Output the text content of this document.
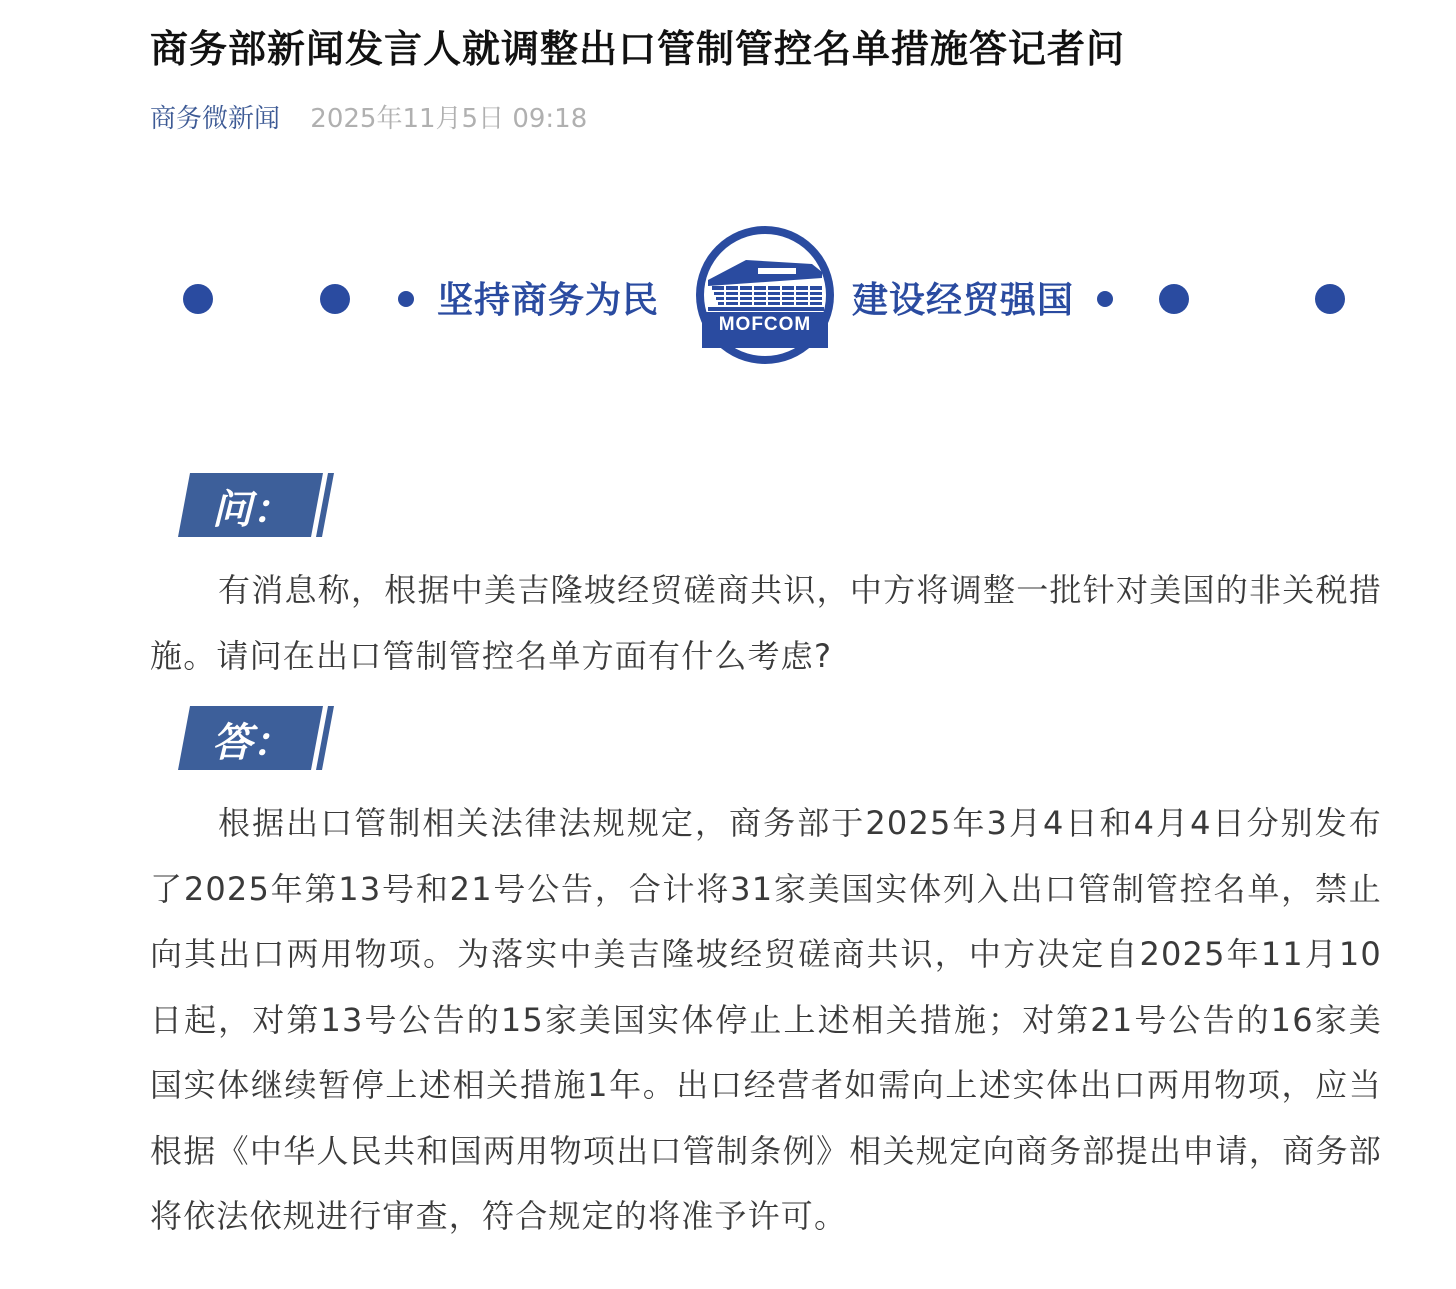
商务部新闻发言人就调整出口管制管控名单措施答记者问
商务微新闻 2025年11月5日 09:18
坚持商务为民
MOFCOM
建设经贸强国
问：

有消息称，根据中美吉隆坡经贸磋商共识，中方将调整一批针对美国的非关税措施。请问在出口管制管控名单方面有什么考虑?

答：

根据出口管制相关法律法规规定，商务部于2025年3月4日和4月4日分别发布了2025年第13号和21号公告，合计将31家美国实体列入出口管制管控名单，禁止向其出口两用物项。为落实中美吉隆坡经贸磋商共识，中方决定自2025年11月10日起，对第13号公告的15家美国实体停止上述相关措施；对第21号公告的16家美国实体继续暂停上述相关措施1年。出口经营者如需向上述实体出口两用物项，应当根据《中华人民共和国两用物项出口管制条例》相关规定向商务部提出申请，商务部将依法依规进行审查，符合规定的将准予许可。
